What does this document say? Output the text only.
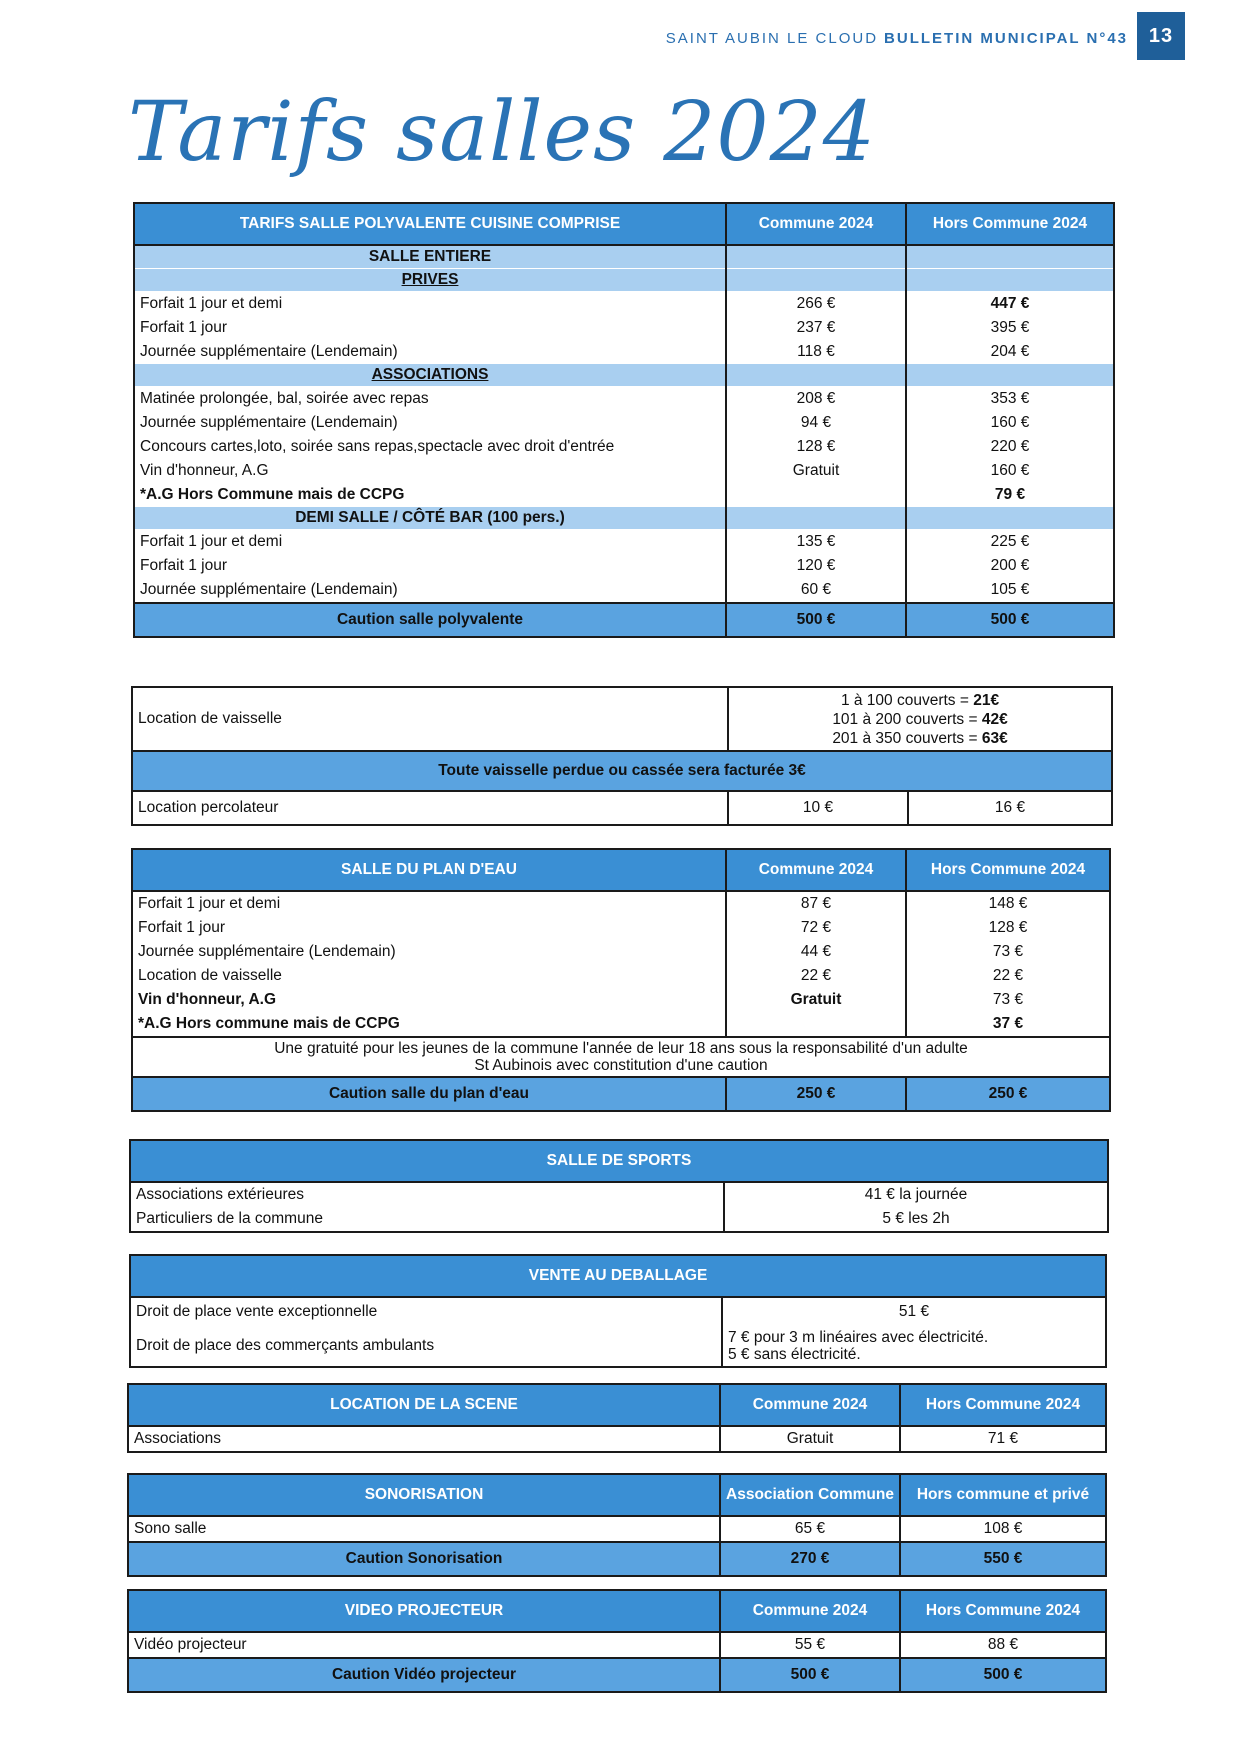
SAINT AUBIN LE CLOUD BULLETIN MUNICIPAL N°43	13
Tarifs salles 2024
TARIFS SALLE POLYVALENTE CUISINE COMPRISE	Commune 2024	Hors Commune 2024
SALLE ENTIERE		
PRIVES		
Forfait 1 jour et demi	266 €	447 €
Forfait 1 jour	237 €	395 €
Journée supplémentaire (Lendemain)	118 €	204 €
ASSOCIATIONS		
Matinée prolongée, bal, soirée avec repas	208 €	353 €
Journée supplémentaire (Lendemain)	94 €	160 €
Concours cartes,loto, soirée sans repas,spectacle avec droit d'entrée	128 €	220 €
Vin d'honneur, A.G	Gratuit	160 €
*A.G Hors Commune mais de CCPG		79 €
DEMI SALLE / CÔTÉ BAR (100 pers.)		
Forfait 1 jour et demi	135 €	225 €
Forfait 1 jour	120 €	200 €
Journée supplémentaire (Lendemain)	60 €	105 €
Caution salle polyvalente	500 €	500 €
Location de vaisselle	1 à 100 couverts = 21€
101 à 200 couverts = 42€
201 à 350 couverts = 63€	

Toute vaisselle perdue ou cassée sera facturée 3€		
Location percolateur	10 €	16 €
SALLE DU PLAN D'EAU	Commune 2024	Hors Commune 2024
Forfait 1 jour et demi	87 €	148 €
Forfait 1 jour	72 €	128 €
Journée supplémentaire (Lendemain)	44 €	73 €
Location de vaisselle	22 €	22 €
Vin d'honneur, A.G	Gratuit	73 €
*A.G Hors commune mais de CCPG		37 €

Une gratuité pour les jeunes de la commune l'année de leur 18 ans sous la responsabilité d'un adulte
St Aubinois avec constitution d'une caution		

Caution salle du plan d'eau	250 €	250 €
SALLE DE SPORTS	
Associations extérieures	41 € la journée
Particuliers de la commune	5 € les 2h
VENTE AU DEBALLAGE	
Droit de place vente exceptionnelle	51 €
Droit de place des commerçants ambulants	7 € pour 3 m linéaires avec électricité.
5 € sans électricité.
LOCATION DE LA SCENE	Commune 2024	Hors Commune 2024
Associations	Gratuit	71 €
SONORISATION	Association Commune	Hors commune et privé
Sono salle	65 €	108 €
Caution Sonorisation	270 €	550 €
VIDEO PROJECTEUR	Commune 2024	Hors Commune 2024
Vidéo projecteur	55 €	88 €
Caution Vidéo projecteur	500 €	500 €
